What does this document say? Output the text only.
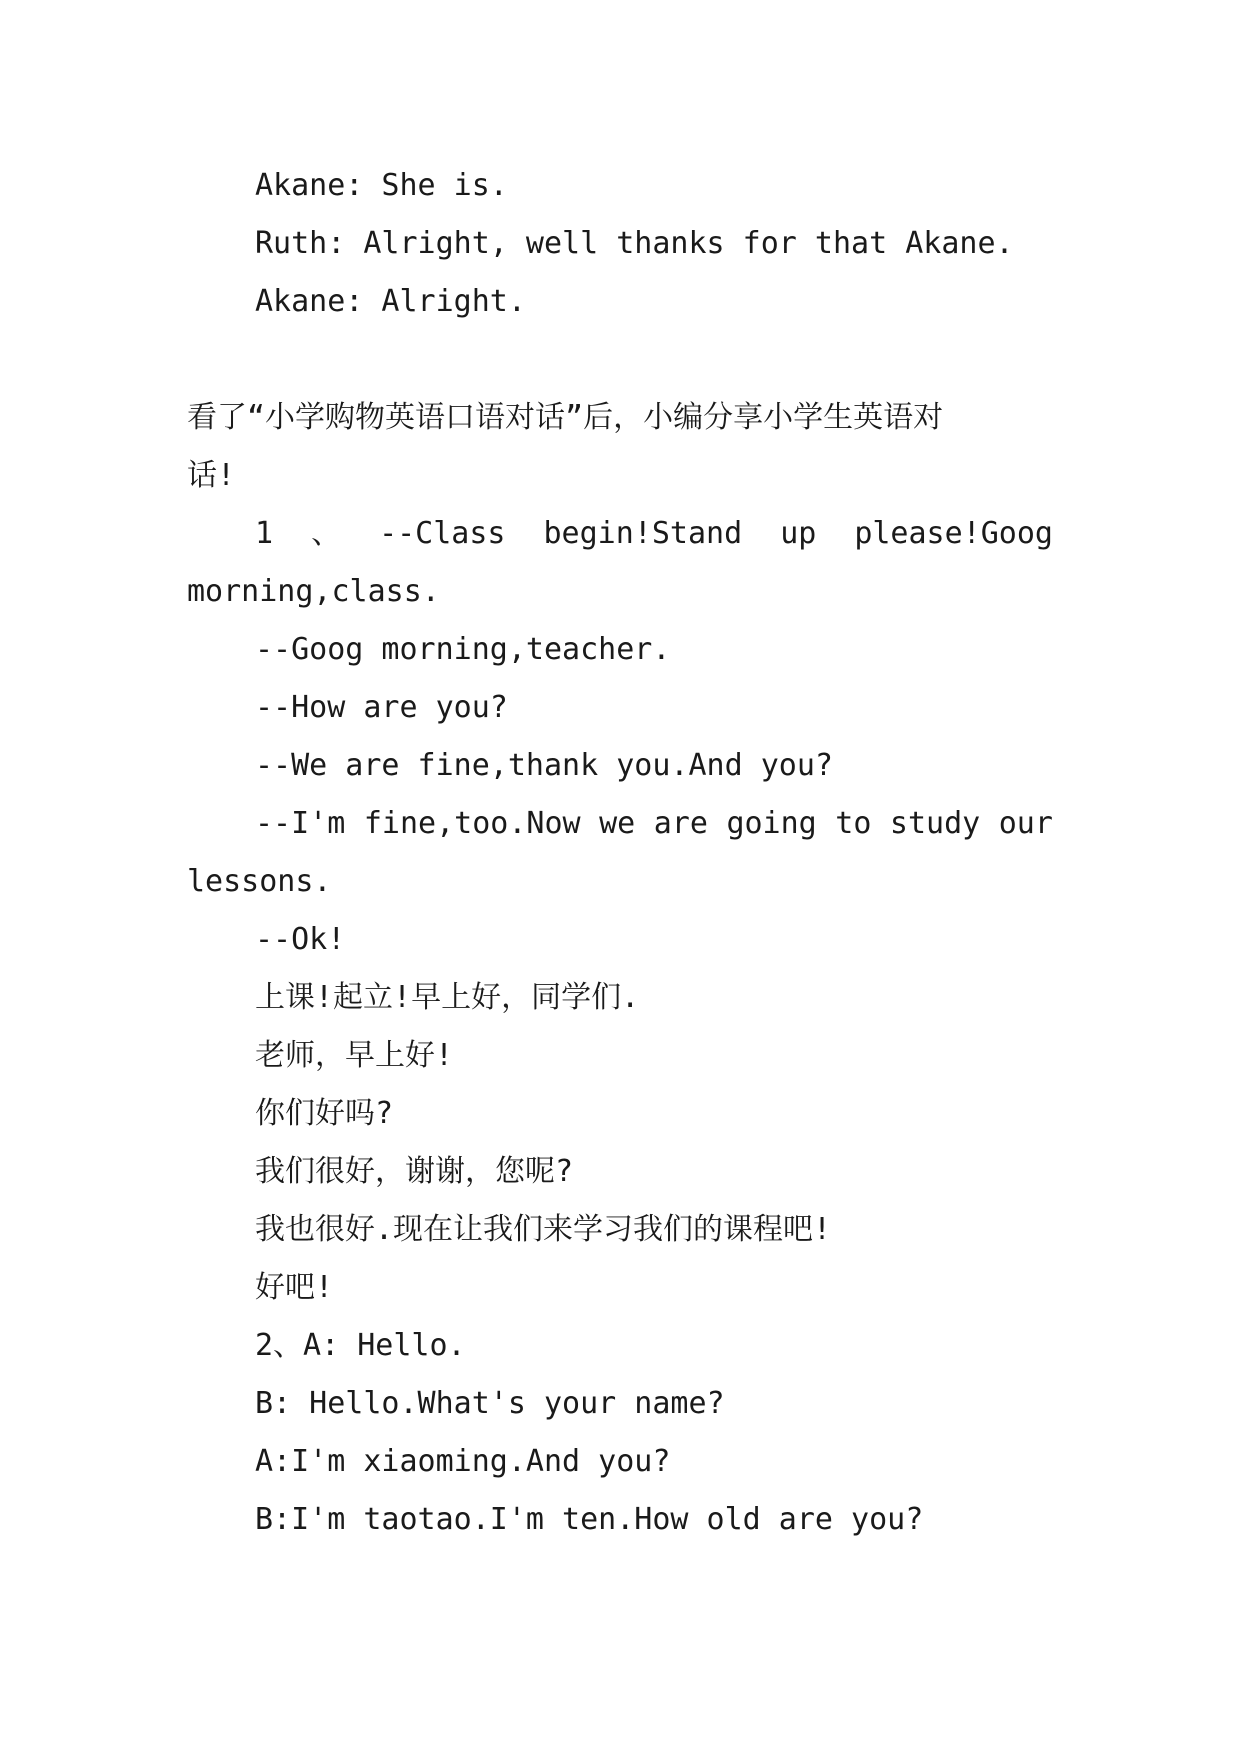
Akane: She is.
Ruth: Alright, well thanks for that Akane.
Akane: Alright.
看了“小学购物英语口语对话”后，小编分享小学生英语对
话!
1 、 --Class begin!Stand up please!Goog
morning,class.
--Goog morning,teacher.
--How are you?
--We are fine,thank you.And you?
--I'm fine,too.Now we are going to study our
lessons.
--Ok!
上课!起立!早上好，同学们.
老师，早上好!
你们好吗?
我们很好，谢谢，您呢?
我也很好.现在让我们来学习我们的课程吧!
好吧!
2、A: Hello.
B: Hello.What's your name?
A:I'm xiaoming.And you?
B:I'm taotao.I'm ten.How old are you?
